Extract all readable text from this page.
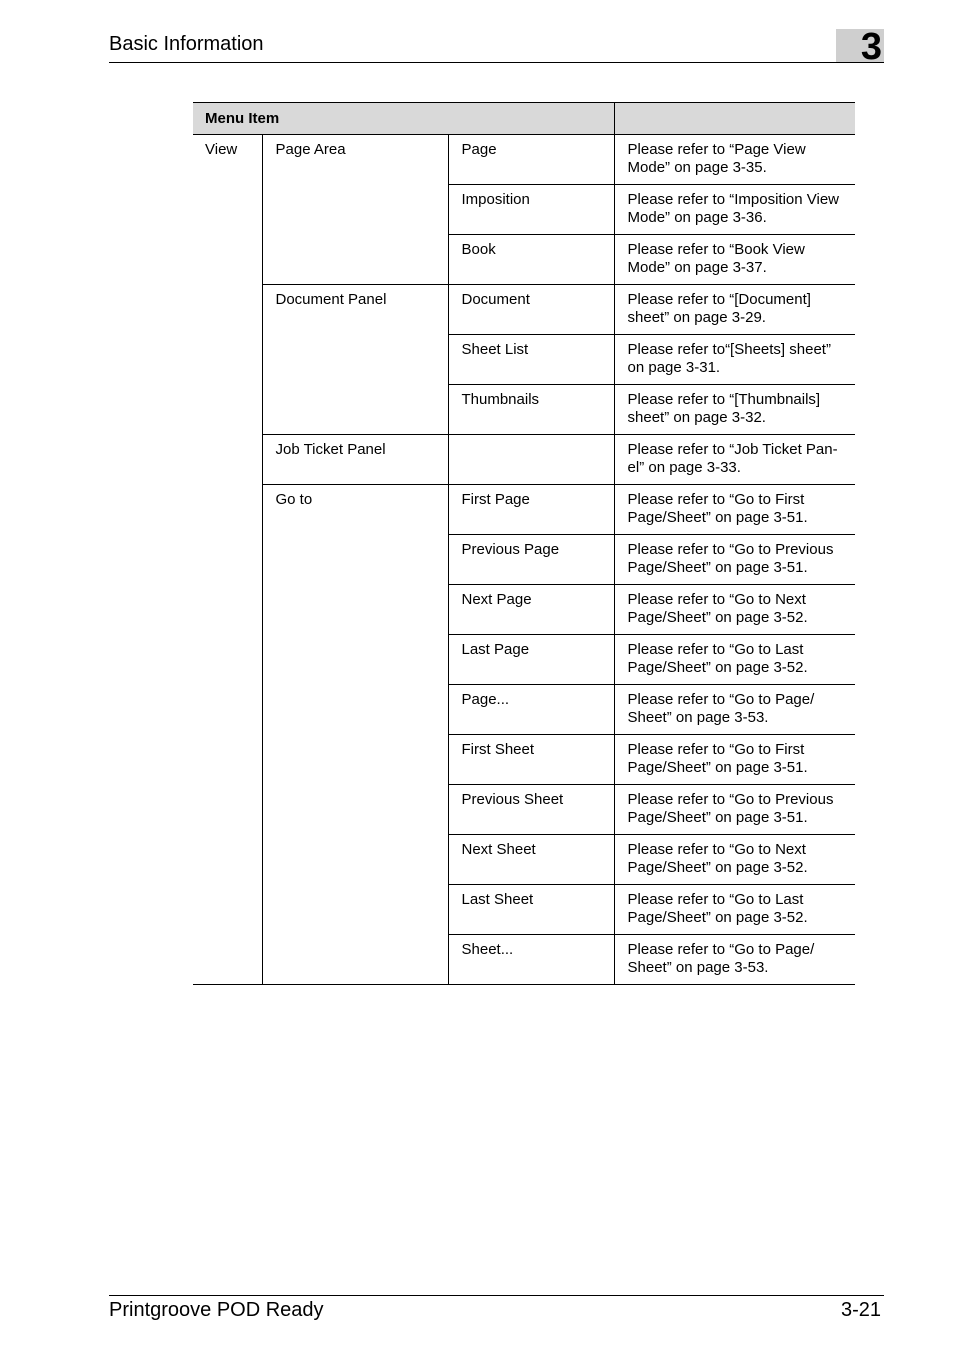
Basic Information	3
Menu Item			
View	Page Area	Page	Please refer to “Page View Mode” on page 3-35.
		Imposition	Please refer to “Imposition View Mode” on page 3-36.
		Book	Please refer to “Book View Mode” on page 3-37.
	Document Panel	Document	Please refer to “[Document] sheet” on page 3-29.
		Sheet List	Please refer to“[Sheets] sheet” on page 3-31.
		Thumbnails	Please refer to “[Thumbnails] sheet” on page 3-32.
	Job Ticket Panel		Please refer to “Job Ticket Pan-el” on page 3-33.
	Go to	First Page	Please refer to “Go to First Page/Sheet” on page 3-51.
		Previous Page	Please refer to “Go to Previous Page/Sheet” on page 3-51.
		Next Page	Please refer to “Go to Next Page/Sheet” on page 3-52.
		Last Page	Please refer to “Go to Last Page/Sheet” on page 3-52.
		Page...	Please refer to “Go to Page/ Sheet” on page 3-53.
		First Sheet	Please refer to “Go to First Page/Sheet” on page 3-51.
		Previous Sheet	Please refer to “Go to Previous Page/Sheet” on page 3-51.
		Next Sheet	Please refer to “Go to Next Page/Sheet” on page 3-52.
		Last Sheet	Please refer to “Go to Last Page/Sheet” on page 3-52.
		Sheet...	Please refer to “Go to Page/ Sheet” on page 3-53.
Printgroove POD Ready	3-21
